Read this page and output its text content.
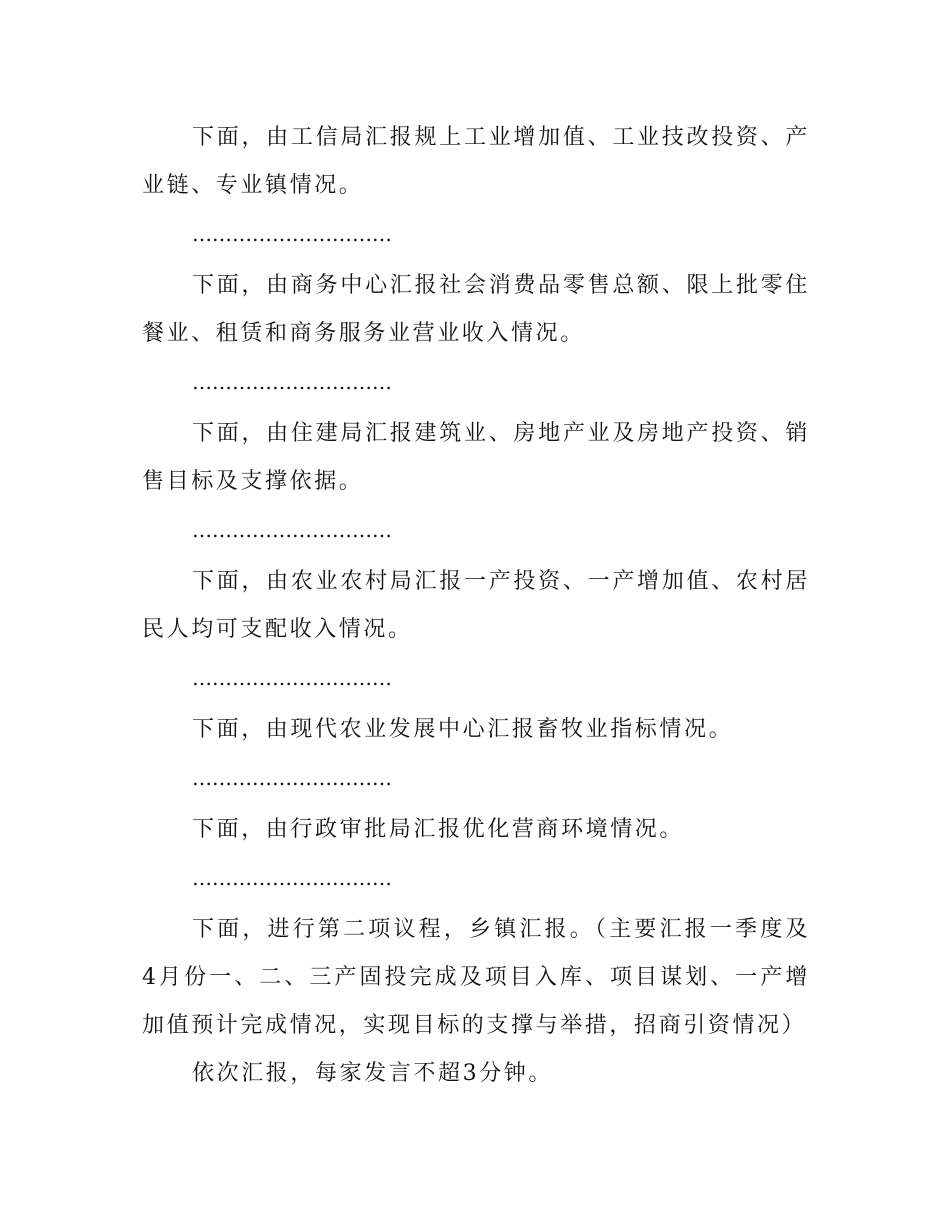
下面，由工信局汇报规上工业增加值、工业技改投资、产业链、专业镇情况。

…………………………

下面，由商务中心汇报社会消费品零售总额、限上批零住餐业、租赁和商务服务业营业收入情况。

…………………………

下面，由住建局汇报建筑业、房地产业及房地产投资、销售目标及支撑依据。

…………………………

下面，由农业农村局汇报一产投资、一产增加值、农村居民人均可支配收入情况。

…………………………

下面，由现代农业发展中心汇报畜牧业指标情况。

…………………………

下面，由行政审批局汇报优化营商环境情况。

…………………………

下面，进行第二项议程，乡镇汇报。（主要汇报一季度及4月份一、二、三产固投完成及项目入库、项目谋划、一产增加值预计完成情况，实现目标的支撑与举措，招商引资情况）

依次汇报，每家发言不超3分钟。
